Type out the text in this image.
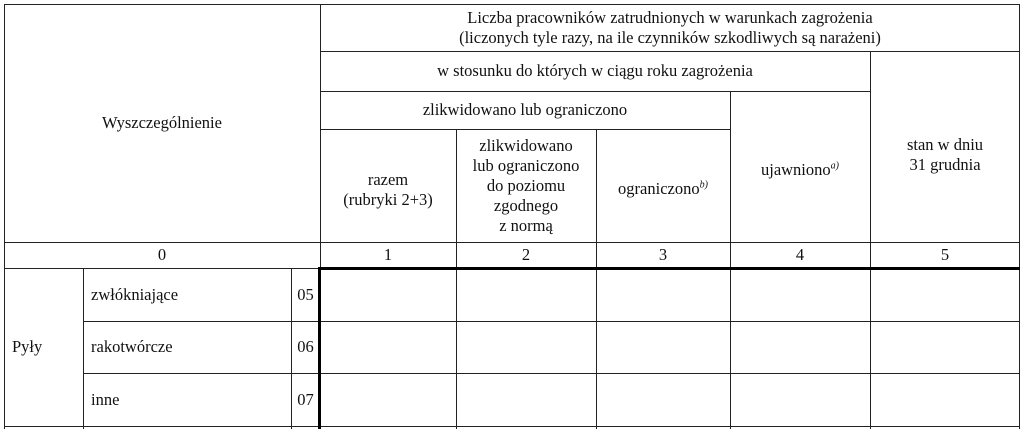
Wyszczególnienie
Liczba pracowników zatrudnionych w warunkach zagrożenia
(liczonych tyle razy, na ile czynników szkodliwych są narażeni)
w stosunku do których w ciągu roku zagrożenia
zlikwidowano lub ograniczono
razem
(rubryki 2+3)
zlikwidowano
lub ograniczono
do poziomu
zgodnego
z normą
ograniczono$^{b)}$
ujawniono$^{a)}$
stan w dniu
31 grudnia
0	1	2	3	4	5
Pyły
zwłókniające	05
rakotwórcze	06
inne	07
